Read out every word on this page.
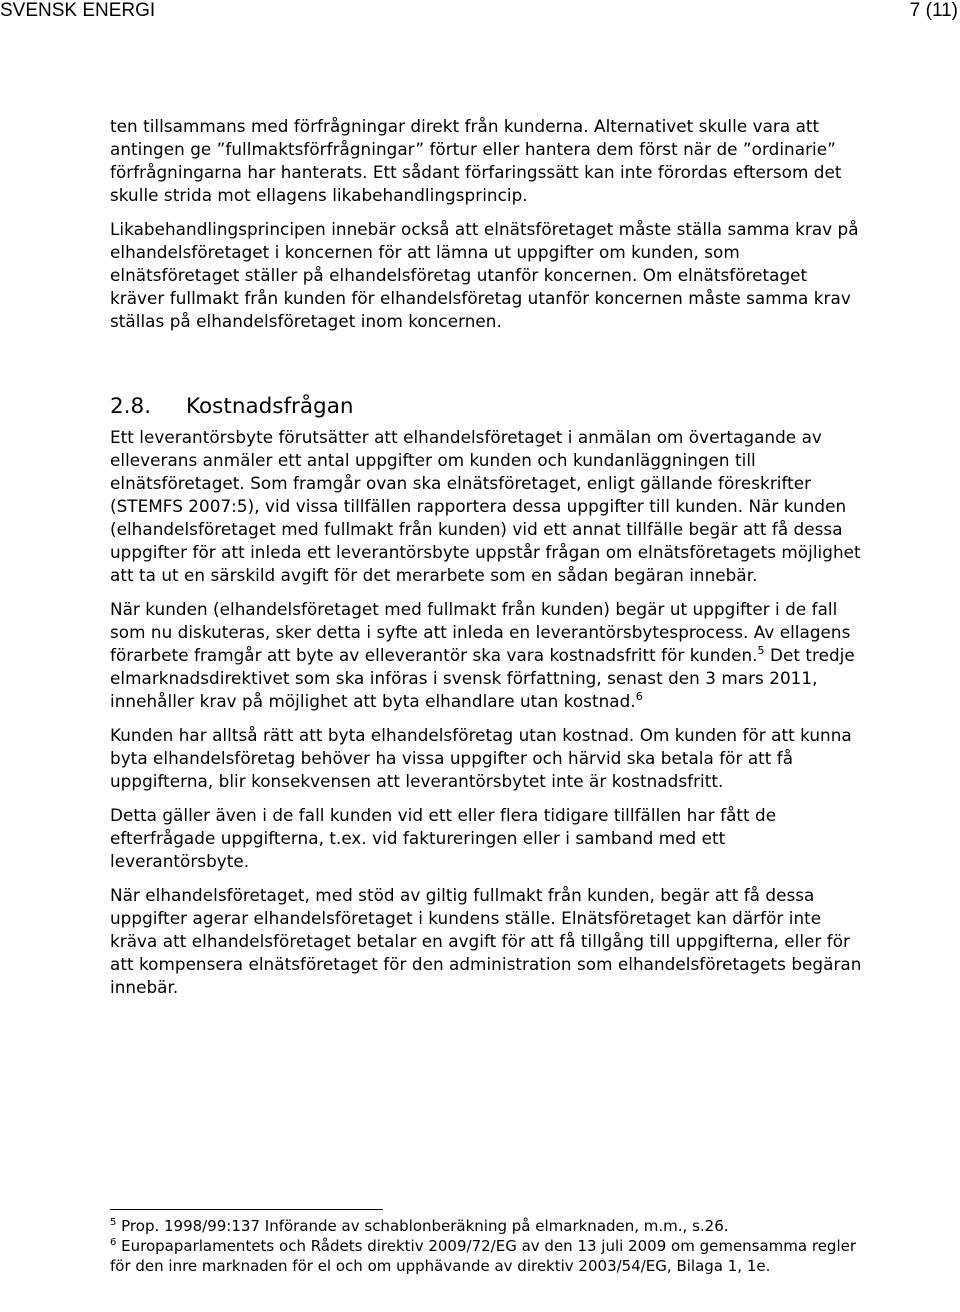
SVENSK ENERGI	7 (11)

ten tillsammans med förfrågningar direkt från kunderna. Alternativet skulle vara att antingen ge ”fullmaktsförfrågningar” förtur eller hantera dem först när de ”ordinarie” förfrågningarna har hanterats. Ett sådant förfaringssätt kan inte förordas eftersom det skulle strida mot ellagens likabehandlingsprincip.

Likabehandlingsprincipen innebär också att elnätsföretaget måste ställa samma krav på elhandelsföretaget i koncernen för att lämna ut uppgifter om kunden, som elnätsföretaget ställer på elhandelsföretag utanför koncernen. Om elnätsföretaget kräver fullmakt från kunden för elhandelsföretag utanför koncernen måste samma krav ställas på elhandelsföretaget inom koncernen.

2.8. Kostnadsfrågan

Ett leverantörsbyte förutsätter att elhandelsföretaget i anmälan om övertagande av elleverans anmäler ett antal uppgifter om kunden och kundanläggningen till elnätsföretaget. Som framgår ovan ska elnätsföretaget, enligt gällande föreskrifter (STEMFS 2007:5), vid vissa tillfällen rapportera dessa uppgifter till kunden. När kunden (elhandelsföretaget med fullmakt från kunden) vid ett annat tillfälle begär att få dessa uppgifter för att inleda ett leverantörsbyte uppstår frågan om elnätsföretagets möjlighet att ta ut en särskild avgift för det merarbete som en sådan begäran innebär.

När kunden (elhandelsföretaget med fullmakt från kunden) begär ut uppgifter i de fall som nu diskuteras, sker detta i syfte att inleda en leverantörsbytesprocess. Av ellagens förarbete framgår att byte av elleverantör ska vara kostnadsfritt för kunden.$^5$ Det tredje elmarknadsdirektivet som ska införas i svensk författning, senast den 3 mars 2011, innehåller krav på möjlighet att byta elhandlare utan kostnad.$^6$

Kunden har alltså rätt att byta elhandelsföretag utan kostnad. Om kunden för att kunna byta elhandelsföretag behöver ha vissa uppgifter och härvid ska betala för att få uppgifterna, blir konsekvensen att leverantörsbytet inte är kostnadsfritt.

Detta gäller även i de fall kunden vid ett eller flera tidigare tillfällen har fått de efterfrågade uppgifterna, t.ex. vid faktureringen eller i samband med ett leverantörsbyte.

När elhandelsföretaget, med stöd av giltig fullmakt från kunden, begär att få dessa uppgifter agerar elhandelsföretaget i kundens ställe. Elnätsföretaget kan därför inte kräva att elhandelsföretaget betalar en avgift för att få tillgång till uppgifterna, eller för att kompensera elnätsföretaget för den administration som elhandelsföretagets begäran innebär.

$^5$ Prop. 1998/99:137 Införande av schablonberäkning på elmarknaden, m.m., s.26.

$^6$ Europaparlamentets och Rådets direktiv 2009/72/EG av den 13 juli 2009 om gemensamma regler för den inre marknaden för el och om upphävande av direktiv 2003/54/EG, Bilaga 1, 1e.
